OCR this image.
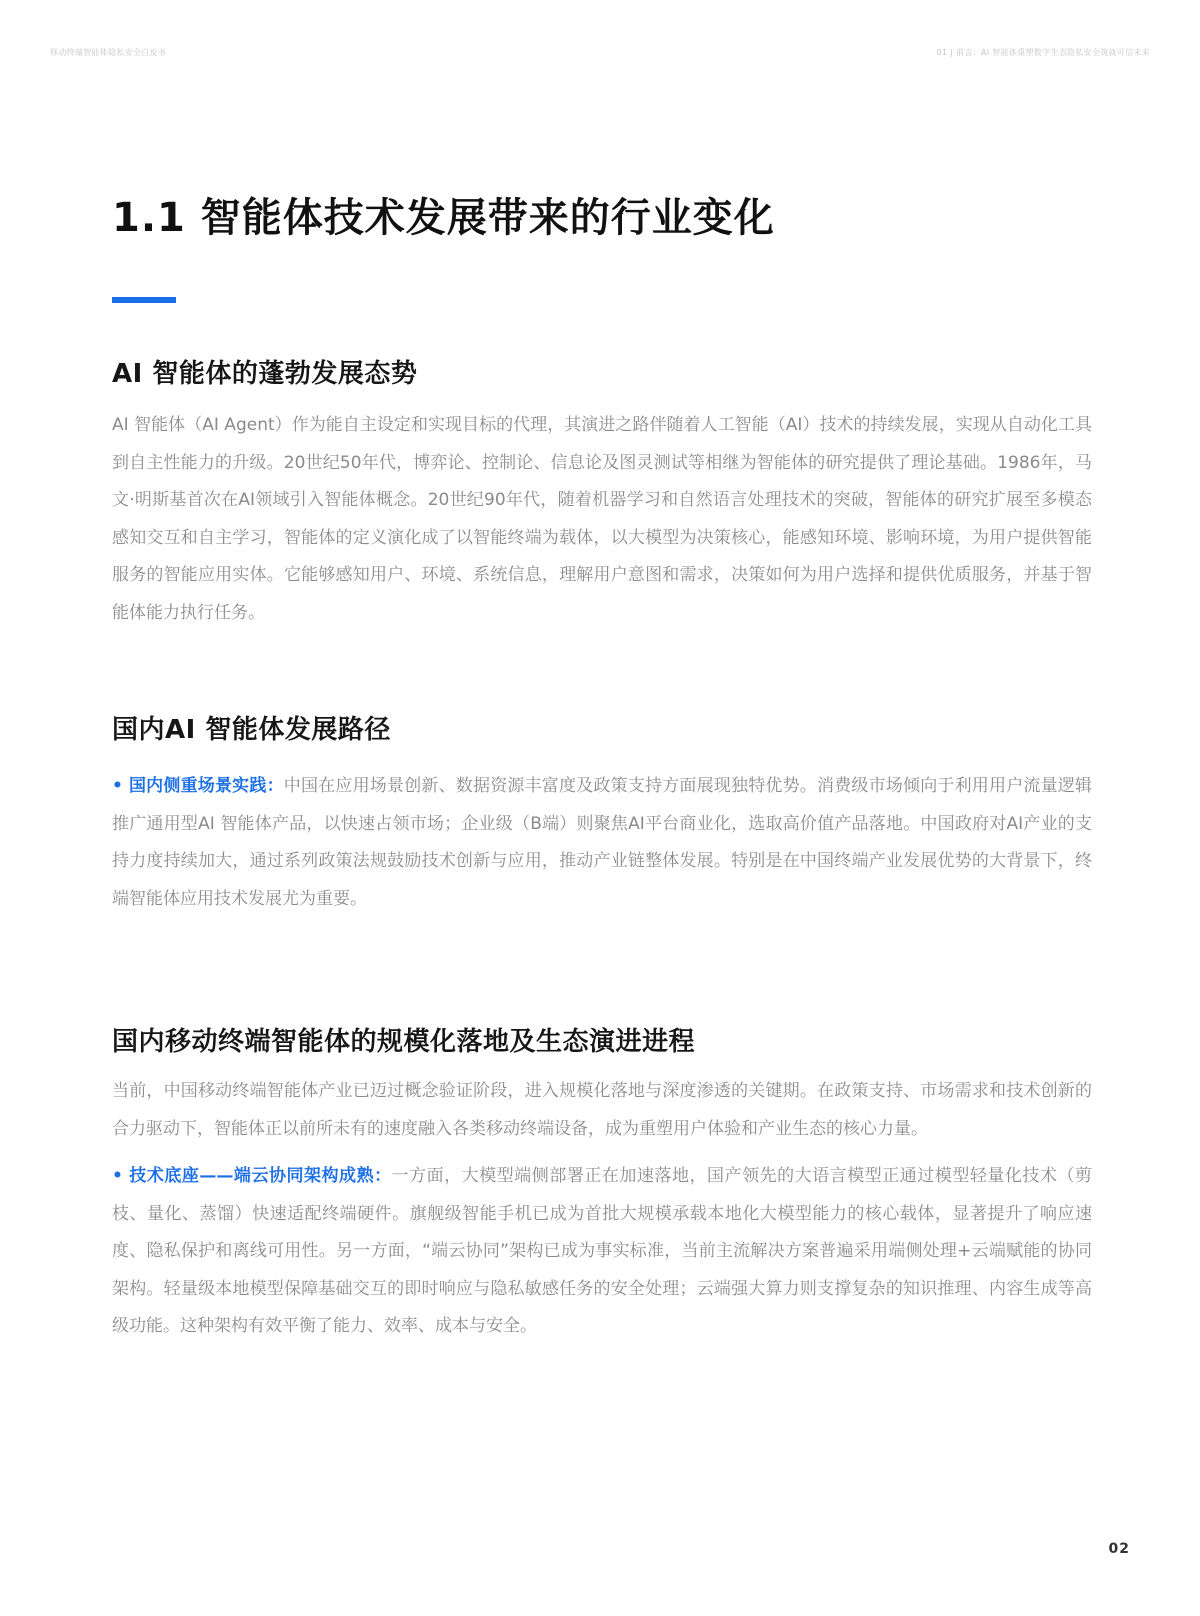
移动终端智能体隐私安全白皮书	01 | 前言：AI 智能体重塑数字生态隐私安全筑就可信未来
1.1 智能体技术发展带来的行业变化
AI 智能体的蓬勃发展态势

AI 智能体（AI Agent）作为能自主设定和实现目标的代理，其演进之路伴随着人工智能（AI）技术的持续发展，实现从自动化工具到自主性能力的升级。20世纪50年代，博弈论、控制论、信息论及图灵测试等相继为智能体的研究提供了理论基础。1986年，马文·明斯基首次在AI领域引入智能体概念。20世纪90年代，随着机器学习和自然语言处理技术的突破，智能体的研究扩展至多模态感知交互和自主学习，智能体的定义演化成了以智能终端为载体，以大模型为决策核心，能感知环境、影响环境，为用户提供智能服务的智能应用实体。它能够感知用户、环境、系统信息，理解用户意图和需求，决策如何为用户选择和提供优质服务，并基于智能体能力执行任务。

国内AI 智能体发展路径

• 国内侧重场景实践：中国在应用场景创新、数据资源丰富度及政策支持方面展现独特优势。消费级市场倾向于利用用户流量逻辑推广通用型AI 智能体产品，以快速占领市场；企业级（B端）则聚焦AI平台商业化，选取高价值产品落地。中国政府对AI产业的支持力度持续加大，通过系列政策法规鼓励技术创新与应用，推动产业链整体发展。特别是在中国终端产业发展优势的大背景下，终端智能体应用技术发展尤为重要。

国内移动终端智能体的规模化落地及生态演进进程

当前，中国移动终端智能体产业已迈过概念验证阶段，进入规模化落地与深度渗透的关键期。在政策支持、市场需求和技术创新的合力驱动下，智能体正以前所未有的速度融入各类移动终端设备，成为重塑用户体验和产业生态的核心力量。

• 技术底座——端云协同架构成熟：一方面，大模型端侧部署正在加速落地，国产领先的大语言模型正通过模型轻量化技术（剪枝、量化、蒸馏）快速适配终端硬件。旗舰级智能手机已成为首批大规模承载本地化大模型能力的核心载体，显著提升了响应速度、隐私保护和离线可用性。另一方面，“端云协同”架构已成为事实标准，当前主流解决方案普遍采用端侧处理+云端赋能的协同架构。轻量级本地模型保障基础交互的即时响应与隐私敏感任务的安全处理；云端强大算力则支撑复杂的知识推理、内容生成等高级功能。这种架构有效平衡了能力、效率、成本与安全。

02
